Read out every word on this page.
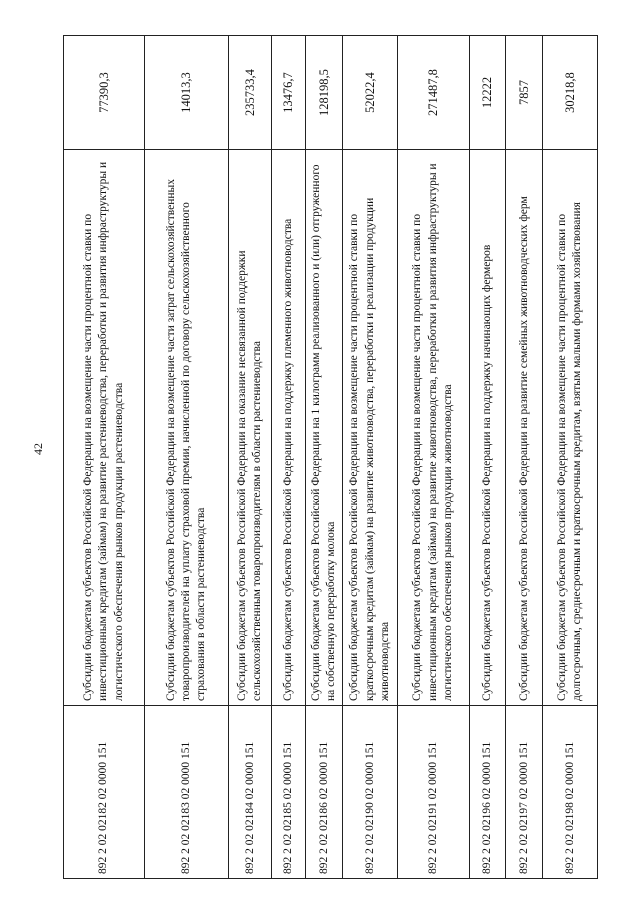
42
892 2 02 02182 02 0000 151	Субсидии бюджетам субъектов Российской Федерации на возмещение части процентной ставки по инвестиционным кредитам (займам) на развитие растениеводства, переработки и развития инфраструктуры и логистического обеспечения рынков продукции растениеводства	77390,3
892 2 02 02183 02 0000 151	Субсидии бюджетам субъектов Российской Федерации на возмещение части затрат сельскохозяйственных товаропроизводителей на уплату страховой премии, начисленной по договору сельскохозяйственного страхования в области растениеводства	14013,3
892 2 02 02184 02 0000 151	Субсидии бюджетам субъектов Российской Федерации на оказание несвязанной поддержки сельскохозяйственным товаропроизводителям в области растениеводства	235733,4
892 2 02 02185 02 0000 151	Субсидии бюджетам субъектов Российской Федерации на поддержку племенного животноводства	13476,7
892 2 02 02186 02 0000 151	Субсидии бюджетам субъектов Российской Федерации на 1 килограмм реализованного и (или) отгруженного на собственную переработку молока	128198,5
892 2 02 02190 02 0000 151	Субсидии бюджетам субъектов Российской Федерации на возмещение части процентной ставки по краткосрочным кредитам (займам) на развитие животноводства, переработки и реализации продукции животноводства	52022,4
892 2 02 02191 02 0000 151	Субсидии бюджетам субъектов Российской Федерации на возмещение части процентной ставки по инвестиционным кредитам (займам) на развитие животноводства, переработки и развития инфраструктуры и логистического обеспечения рынков продукции животноводства	271487,8
892 2 02 02196 02 0000 151	Субсидии бюджетам субъектов Российской Федерации на поддержку начинающих фермеров	12222
892 2 02 02197 02 0000 151	Субсидии бюджетам субъектов Российской Федерации на развитие семейных животноводческих ферм	7857
892 2 02 02198 02 0000 151	Субсидии бюджетам субъектов Российской Федерации на возмещение части процентной ставки по долгосрочным, среднесрочным и краткосрочным кредитам, взятым малыми формами хозяйствования	30218,8
